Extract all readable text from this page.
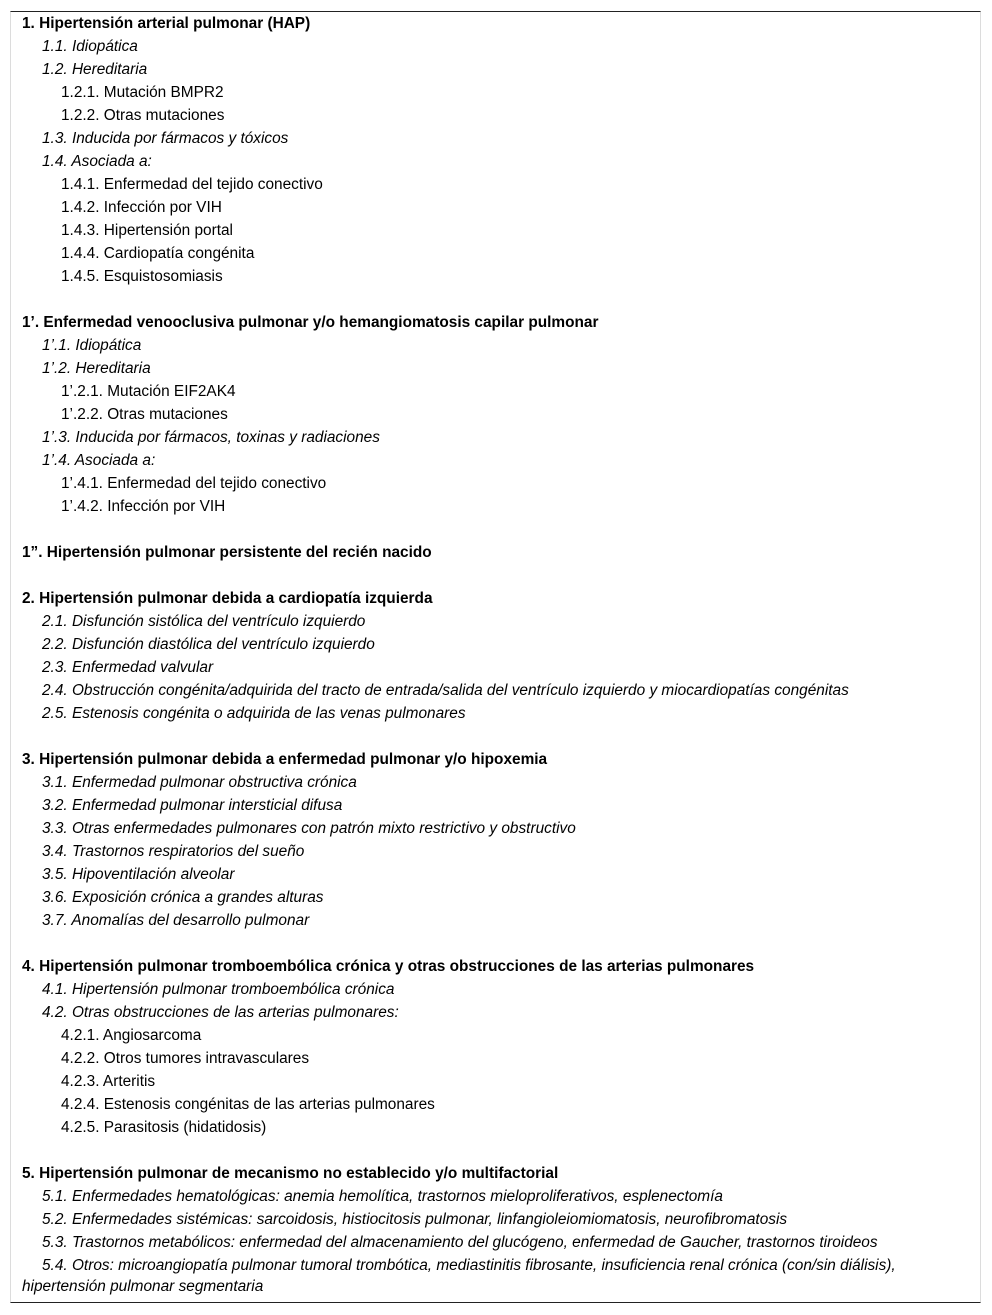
1. Hipertensión arterial pulmonar (HAP)
1.1. Idiopática
1.2. Hereditaria
1.2.1. Mutación BMPR2
1.2.2. Otras mutaciones
1.3. Inducida por fármacos y tóxicos
1.4. Asociada a:
1.4.1. Enfermedad del tejido conectivo
1.4.2. Infección por VIH
1.4.3. Hipertensión portal
1.4.4. Cardiopatía congénita
1.4.5. Esquistosomiasis
1’. Enfermedad venooclusiva pulmonar y/o hemangiomatosis capilar pulmonar
1’.1. Idiopática
1’.2. Hereditaria
1’.2.1. Mutación EIF2AK4
1’.2.2. Otras mutaciones
1’.3. Inducida por fármacos, toxinas y radiaciones
1’.4. Asociada a:
1’.4.1. Enfermedad del tejido conectivo
1’.4.2. Infección por VIH
1”. Hipertensión pulmonar persistente del recién nacido
2. Hipertensión pulmonar debida a cardiopatía izquierda
2.1. Disfunción sistólica del ventrículo izquierdo
2.2. Disfunción diastólica del ventrículo izquierdo
2.3. Enfermedad valvular
2.4. Obstrucción congénita/adquirida del tracto de entrada/salida del ventrículo izquierdo y miocardiopatías congénitas
2.5. Estenosis congénita o adquirida de las venas pulmonares
3. Hipertensión pulmonar debida a enfermedad pulmonar y/o hipoxemia
3.1. Enfermedad pulmonar obstructiva crónica
3.2. Enfermedad pulmonar intersticial difusa
3.3. Otras enfermedades pulmonares con patrón mixto restrictivo y obstructivo
3.4. Trastornos respiratorios del sueño
3.5. Hipoventilación alveolar
3.6. Exposición crónica a grandes alturas
3.7. Anomalías del desarrollo pulmonar
4. Hipertensión pulmonar tromboembólica crónica y otras obstrucciones de las arterias pulmonares
4.1. Hipertensión pulmonar tromboembólica crónica
4.2. Otras obstrucciones de las arterias pulmonares:
4.2.1. Angiosarcoma
4.2.2. Otros tumores intravasculares
4.2.3. Arteritis
4.2.4. Estenosis congénitas de las arterias pulmonares
4.2.5. Parasitosis (hidatidosis)
5. Hipertensión pulmonar de mecanismo no establecido y/o multifactorial
5.1. Enfermedades hematológicas: anemia hemolítica, trastornos mieloproliferativos, esplenectomía
5.2. Enfermedades sistémicas: sarcoidosis, histiocitosis pulmonar, linfangioleiomiomatosis, neurofibromatosis
5.3. Trastornos metabólicos: enfermedad del almacenamiento del glucógeno, enfermedad de Gaucher, trastornos tiroideos
5.4. Otros: microangiopatía pulmonar tumoral trombótica, mediastinitis fibrosante, insuficiencia renal crónica (con/sin diálisis), hipertensión pulmonar segmentaria
